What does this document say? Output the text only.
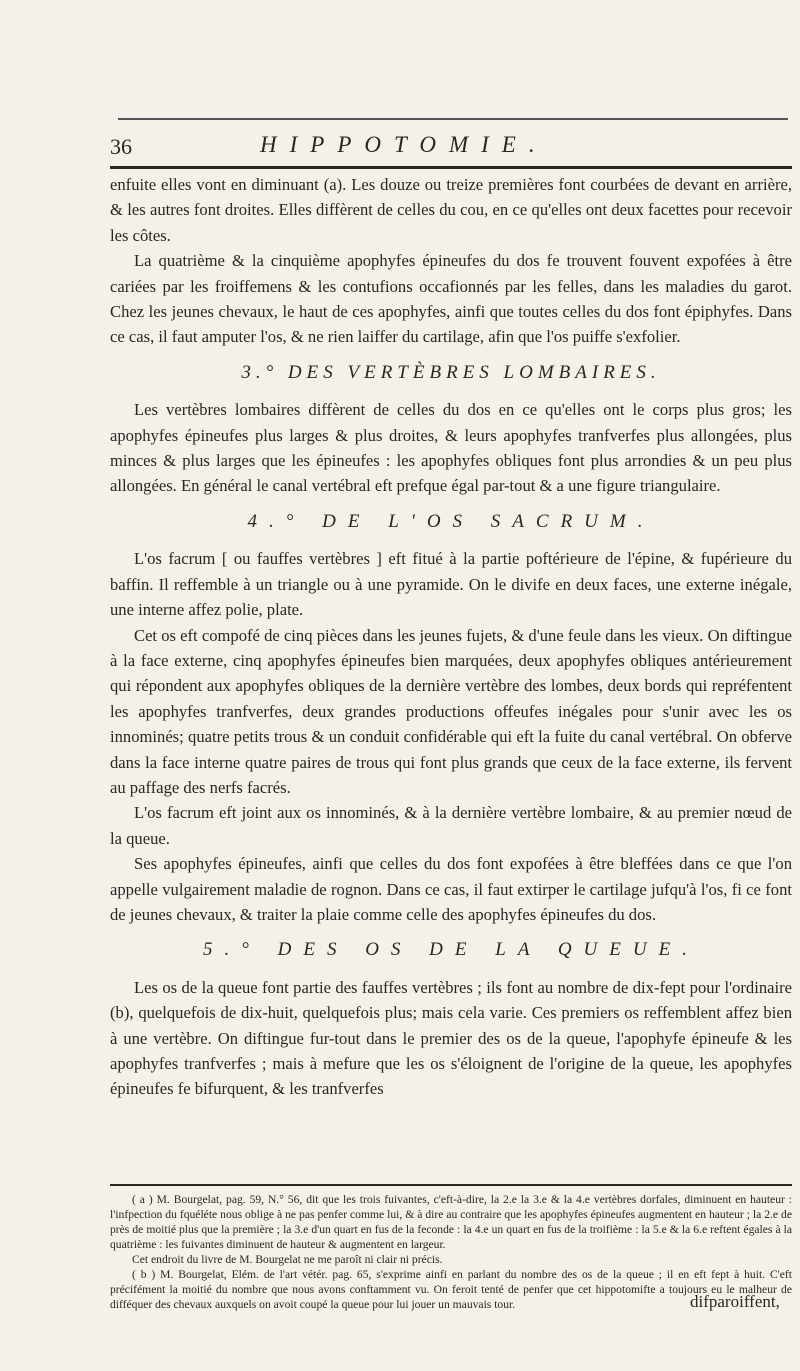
36	HIPPOTOMIE.

enfuite elles vont en diminuant (a). Les douze ou treize premières font courbées de devant en arrière, & les autres font droites. Elles diffèrent de celles du cou, en ce qu'elles ont deux facettes pour recevoir les côtes.

La quatrième & la cinquième apophyfes épineufes du dos fe trouvent fouvent expofées à être cariées par les froiffemens & les contufions occafionnés par les felles, dans les maladies du garot. Chez les jeunes chevaux, le haut de ces apophyfes, ainfi que toutes celles du dos font épiphyfes. Dans ce cas, il faut amputer l'os, & ne rien laiffer du cartilage, afin que l'os puiffe s'exfolier.

3.° DES VERTÈBRES LOMBAIRES.

Les vertèbres lombaires diffèrent de celles du dos en ce qu'elles ont le corps plus gros; les apophyfes épineufes plus larges & plus droites, & leurs apophyfes tranfverfes plus allongées, plus minces & plus larges que les épineufes : les apophyfes obliques font plus arrondies & un peu plus allongées. En général le canal vertébral eft prefque égal par-tout & a une figure triangulaire.

4.° DE L'OS SACRUM.

L'os facrum [ ou fauffes vertèbres ] eft fitué à la partie poftérieure de l'épine, & fupérieure du baffin. Il reffemble à un triangle ou à une pyramide. On le divife en deux faces, une externe inégale, une interne affez polie, plate.

Cet os eft compofé de cinq pièces dans les jeunes fujets, & d'une feule dans les vieux. On diftingue à la face externe, cinq apophyfes épineufes bien marquées, deux apophyfes obliques antérieurement qui répondent aux apophyfes obliques de la dernière vertèbre des lombes, deux bords qui repréfentent les apophyfes tranfverfes, deux grandes productions offeufes inégales pour s'unir avec les os innominés; quatre petits trous & un conduit confidérable qui eft la fuite du canal vertébral. On obferve dans la face interne quatre paires de trous qui font plus grands que ceux de la face externe, ils fervent au paffage des nerfs facrés.

L'os facrum eft joint aux os innominés, & à la dernière vertèbre lombaire, & au premier nœud de la queue.

Ses apophyfes épineufes, ainfi que celles du dos font expofées à être bleffées dans ce que l'on appelle vulgairement maladie de rognon. Dans ce cas, il faut extirper le cartilage jufqu'à l'os, fi ce font de jeunes chevaux, & traiter la plaie comme celle des apophyfes épineufes du dos.

5.° DES OS DE LA QUEUE.

Les os de la queue font partie des fauffes vertèbres ; ils font au nombre de dix-fept pour l'ordinaire (b), quelquefois de dix-huit, quelquefois plus; mais cela varie. Ces premiers os reffemblent affez bien à une vertèbre. On diftingue fur-tout dans le premier des os de la queue, l'apophyfe épineufe & les apophyfes tranfverfes ; mais à mefure que les os s'éloignent de l'origine de la queue, les apophyfes épineufes fe bifurquent, & les tranfverfes

( a ) M. Bourgelat, pag. 59, N.° 56, dit que les trois fuivantes, c'eft-à-dire, la 2.e la 3.e & la 4.e vertèbres dorfales, diminuent en hauteur : l'infpection du fquéléte nous oblige à ne pas penfer comme lui, & à dire au contraire que les apophyfes épineufes augmentent en hauteur ; la 2.e de près de moitié plus que la première ; la 3.e d'un quart en fus de la feconde : la 4.e un quart en fus de la troifième : la 5.e & la 6.e reftent égales à la quatrième : les fuivantes diminuent de hauteur & augmentent en largeur.

Cet endroit du livre de M. Bourgelat ne me paroît ni clair ni précis.

( b ) M. Bourgelat, Elém. de l'art vétér. pag. 65, s'exprime ainfi en parlant du nombre des os de la queue ; il en eft fept à huit. C'eft précifément la moitié du nombre que nous avons conftamment vu. On feroit tenté de penfer que cet hippotomifte a toujours eu le malheur de difféquer des chevaux auxquels on avoit coupé la queue pour lui jouer un mauvais tour.	difparoiffent,
